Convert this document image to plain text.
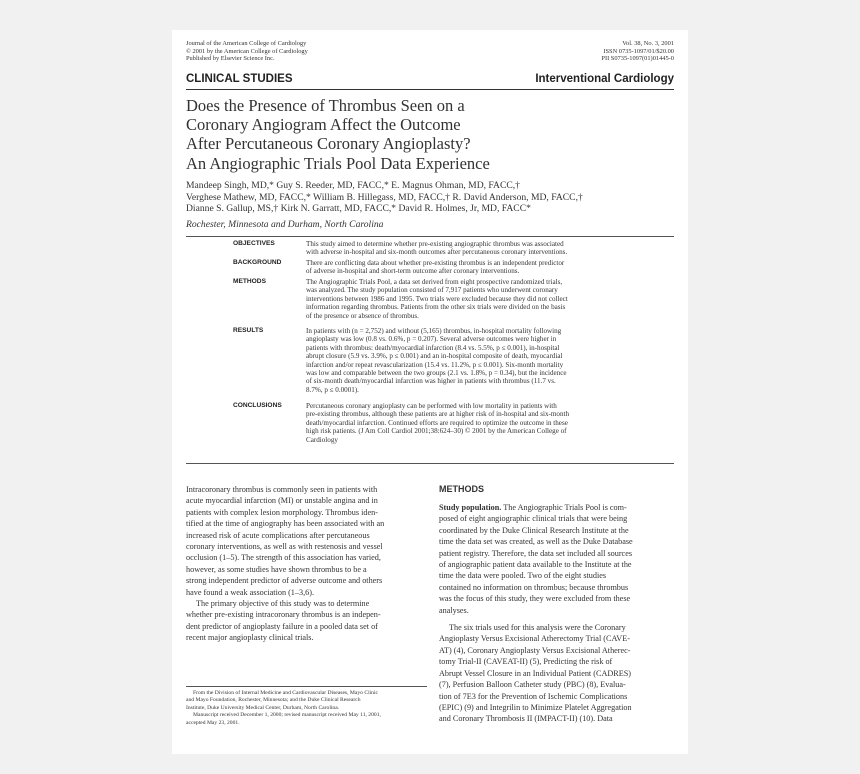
Journal of the American College of Cardiology
© 2001 by the American College of Cardiology
Published by Elsevier Science Inc.
Vol. 38, No. 3, 2001
ISSN 0735-1097/01/$20.00
PII S0735-1097(01)01445-0
CLINICAL STUDIES	Interventional Cardiology
Does the Presence of Thrombus Seen on a
Coronary Angiogram Affect the Outcome
After Percutaneous Coronary Angioplasty?
An Angiographic Trials Pool Data Experience
Mandeep Singh, MD,* Guy S. Reeder, MD, FACC,* E. Magnus Ohman, MD, FACC,†
Verghese Mathew, MD, FACC,* William B. Hillegass, MD, FACC,† R. David Anderson, MD, FACC,†
Dianne S. Gallup, MS,† Kirk N. Garratt, MD, FACC,* David R. Holmes, Jr, MD, FACC*
Rochester, Minnesota and Durham, North Carolina
OBJECTIVES	This study aimed to determine whether pre-existing angiographic thrombus was associated
with adverse in-hospital and six-month outcomes after percutaneous coronary interventions.
BACKGROUND	There are conflicting data about whether pre-existing thrombus is an independent predictor
of adverse in-hospital and short-term outcome after coronary interventions.
METHODS	The Angiographic Trials Pool, a data set derived from eight prospective randomized trials,
was analyzed. The study population consisted of 7,917 patients who underwent coronary
interventions between 1986 and 1995. Two trials were excluded because they did not collect
information regarding thrombus. Patients from the other six trials were divided on the basis
of the presence or absence of thrombus.
RESULTS	In patients with (n = 2,752) and without (5,165) thrombus, in-hospital mortality following
angioplasty was low (0.8 vs. 0.6%, p = 0.207). Several adverse outcomes were higher in
patients with thrombus: death/myocardial infarction (8.4 vs. 5.5%, p ≤ 0.001), in-hospital
abrupt closure (5.9 vs. 3.9%, p ≤ 0.001) and an in-hospital composite of death, myocardial
infarction and/or repeat revascularization (15.4 vs. 11.2%, p ≤ 0.001). Six-month mortality
was low and comparable between the two groups (2.1 vs. 1.8%, p = 0.34), but the incidence
of six-month death/myocardial infarction was higher in patients with thrombus (11.7 vs.
8.7%, p ≤ 0.0001).
CONCLUSIONS	Percutaneous coronary angioplasty can be performed with low mortality in patients with
pre-existing thrombus, although these patients are at higher risk of in-hospital and six-month
death/myocardial infarction. Continued efforts are required to optimize the outcome in these
high risk patients. (J Am Coll Cardiol 2001;38:624–30) © 2001 by the American College of
Cardiology
Intracoronary thrombus is commonly seen in patients with
acute myocardial infarction (MI) or unstable angina and in
patients with complex lesion morphology. Thrombus iden-
tified at the time of angiography has been associated with an
increased risk of acute complications after percutaneous
coronary interventions, as well as with restenosis and vessel
occlusion (1–5). The strength of this association has varied,
however, as some studies have shown thrombus to be a
strong independent predictor of adverse outcome and others
have found a weak association (1–3,6).
The primary objective of this study was to determine
whether pre-existing intracoronary thrombus is an indepen-
dent predictor of angioplasty failure in a pooled data set of
recent major angioplasty clinical trials.
From the Division of Internal Medicine and Cardiovascular Diseases, Mayo Clinic
and Mayo Foundation, Rochester, Minnesota; and the Duke Clinical Research
Institute, Duke University Medical Center, Durham, North Carolina.
Manuscript received December 1, 2000; revised manuscript received May 11, 2001,
accepted May 23, 2001.
METHODS
Study population. The Angiographic Trials Pool is com-
posed of eight angiographic clinical trials that were being
coordinated by the Duke Clinical Research Institute at the
time the data set was created, as well as the Duke Database
patient registry. Therefore, the data set included all sources
of angiographic patient data available to the Institute at the
time the data were pooled. Two of the eight studies
contained no information on thrombus; because thrombus
was the focus of this study, they were excluded from these
analyses.
The six trials used for this analysis were the Coronary
Angioplasty Versus Excisional Atherectomy Trial (CAVE-
AT) (4), Coronary Angioplasty Versus Excisional Atherec-
tomy Trial-II (CAVEAT-II) (5), Predicting the risk of
Abrupt Vessel Closure in an Individual Patient (CADRES)
(7), Perfusion Balloon Catheter study (PBC) (8), Evalua-
tion of 7E3 for the Prevention of Ischemic Complications
(EPIC) (9) and Integrilin to Minimize Platelet Aggregation
and Coronary Thrombosis II (IMPACT-II) (10). Data
